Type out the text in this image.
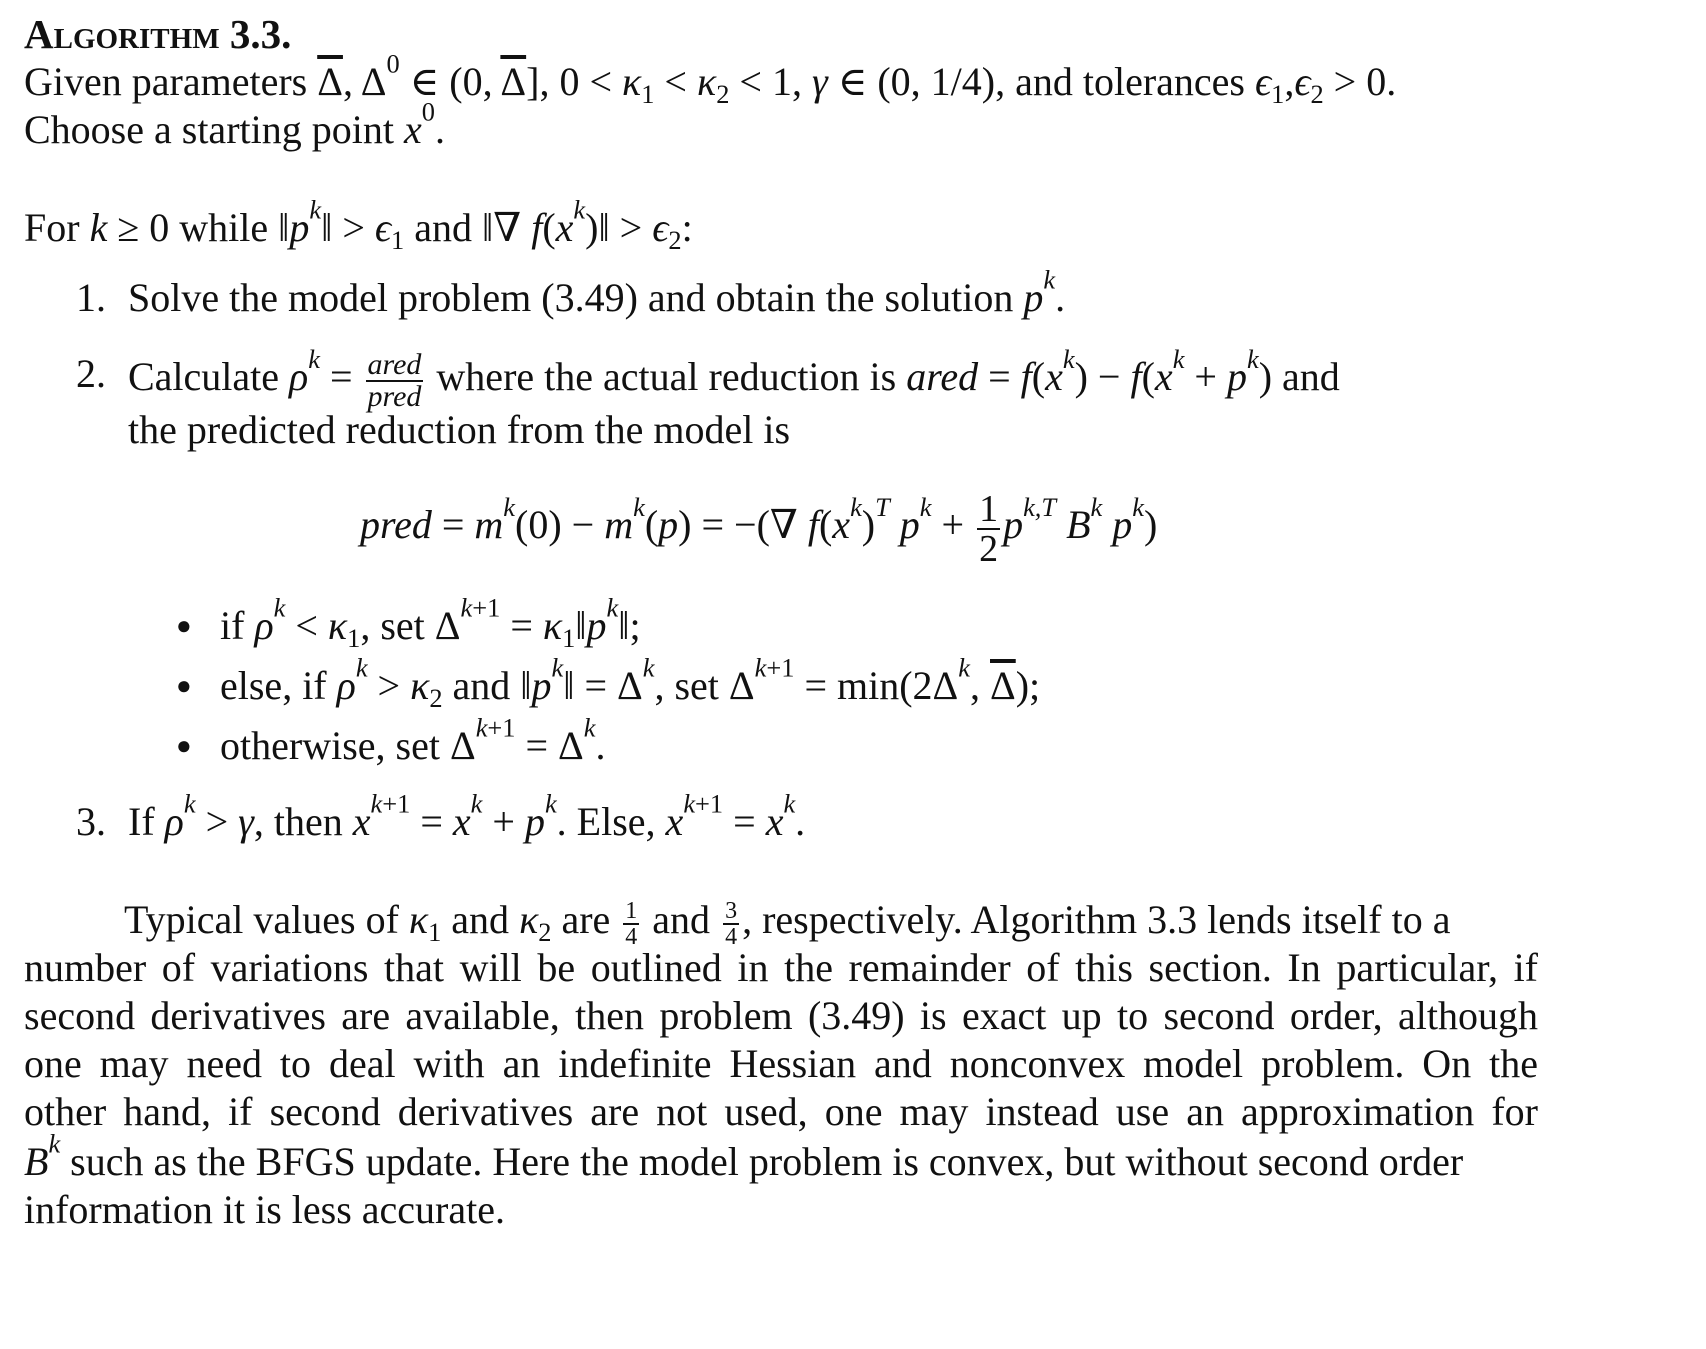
Algorithm 3.3.
Given parameters $\overline{\Delta}$, $\Delta^0$ ∈ (0, $\overline{\Delta}$], $0 < \kappa_1 < \kappa_2 < 1$, γ ∈ (0, 1/4), and tolerances $\epsilon_1,\epsilon_2 > 0$.
Choose a starting point $x^0$.
For k ≥ 0 while $‖p^k‖ > \epsilon_1$ and ‖∇ $f(x^k)‖ > \epsilon_2$:
1. Solve the model problem (3.49) and obtain the solution $p^k$.
2. Calculate $\rho^k = \frac{\text{ared}}{\text{pred}}$ where the actual reduction is ared = $f(x^k) - f(x^k + p^k)$ and
the predicted reduction from the model is
pred = $m^k(0) - m^k(p)$ = −(∇ $f(x^k)^T$ $p^k + \frac{1}{2} p^{k,T}$ $B^k$ $p^k$)
● if $\rho^k < \kappa_1$, set $\Delta^{k+1}$ = $\kappa_1‖p^k‖$;
● else, if $\rho^k > \kappa_2$ and $‖p^k‖ = \Delta^k$, set $\Delta^{k+1} = \min(2\Delta^k$, $\overline{\Delta}$);
● otherwise, set $\Delta^{k+1} = \Delta^k$.
3. If $\rho^k > \gamma$, then $x^{k+1} = x^k + p^k$. Else, $x^{k+1} = x^k$.
Typical values of $\kappa_1$ and $\kappa_2$ are $\frac{1}{4}$ and $\frac{3}{4}$ , respectively. Algorithm 3.3 lends itself to a
number of variations that will be outlined in the remainder of this section. In particular, if
second derivatives are available, then problem (3.49) is exact up to second order, although
one may need to deal with an indefinite Hessian and nonconvex model problem. On the
other hand, if second derivatives are not used, one may instead use an approximation for
$B^k$ such as the BFGS update. Here the model problem is convex, but without second order
information it is less accurate.
